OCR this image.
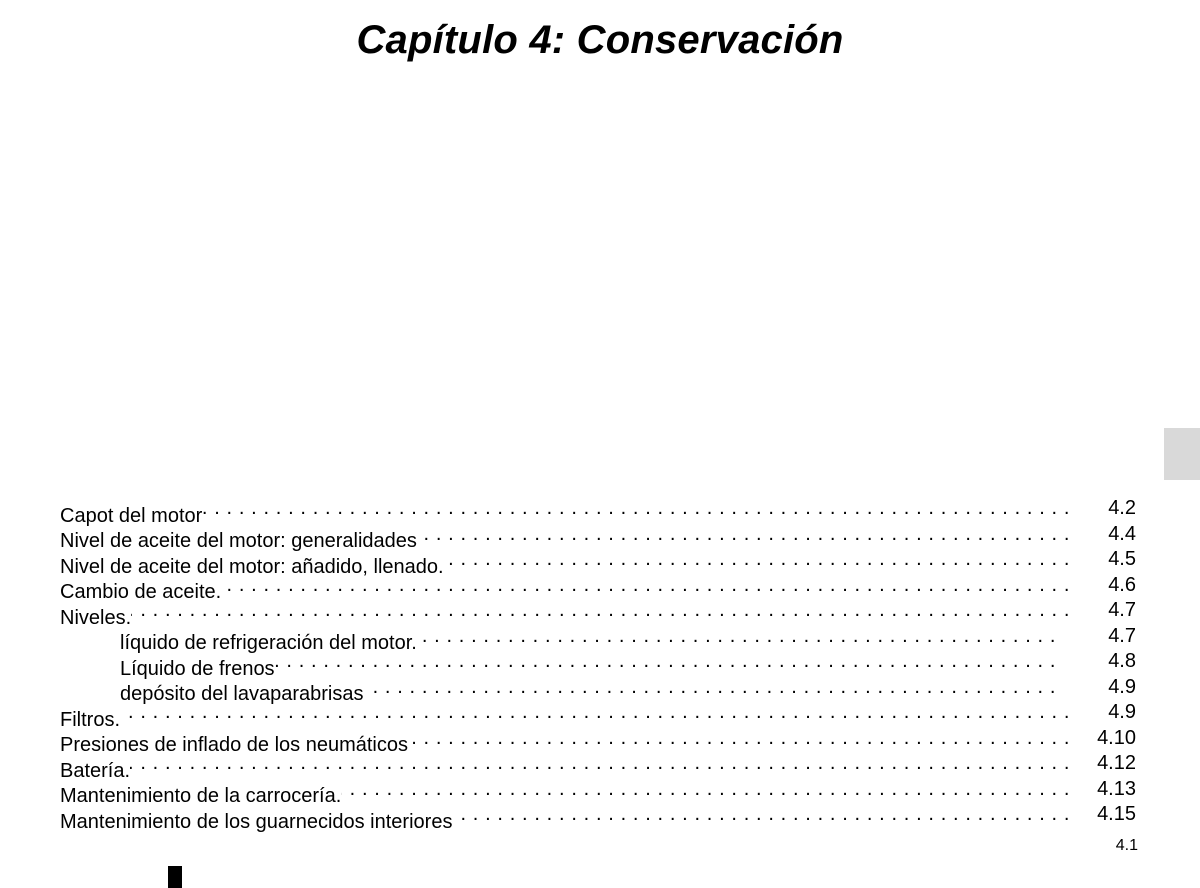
Capítulo 4: Conservación
Capot del motor . . .	4.2
Nivel de aceite del motor: generalidades . . .	4.4
Nivel de aceite del motor: añadido, llenado. . . .	4.5
Cambio de aceite. . . .	4.6
Niveles. . . .	4.7
líquido de refrigeración del motor. . . .	4.7
Líquido de frenos . . .	4.8
depósito del lavaparabrisas . . .	4.9
Filtros. . . .	4.9
Presiones de inflado de los neumáticos . . .	4.10
Batería. . . .	4.12
Mantenimiento de la carrocería. . . .	4.13
Mantenimiento de los guarnecidos interiores . . .	4.15
4.1
